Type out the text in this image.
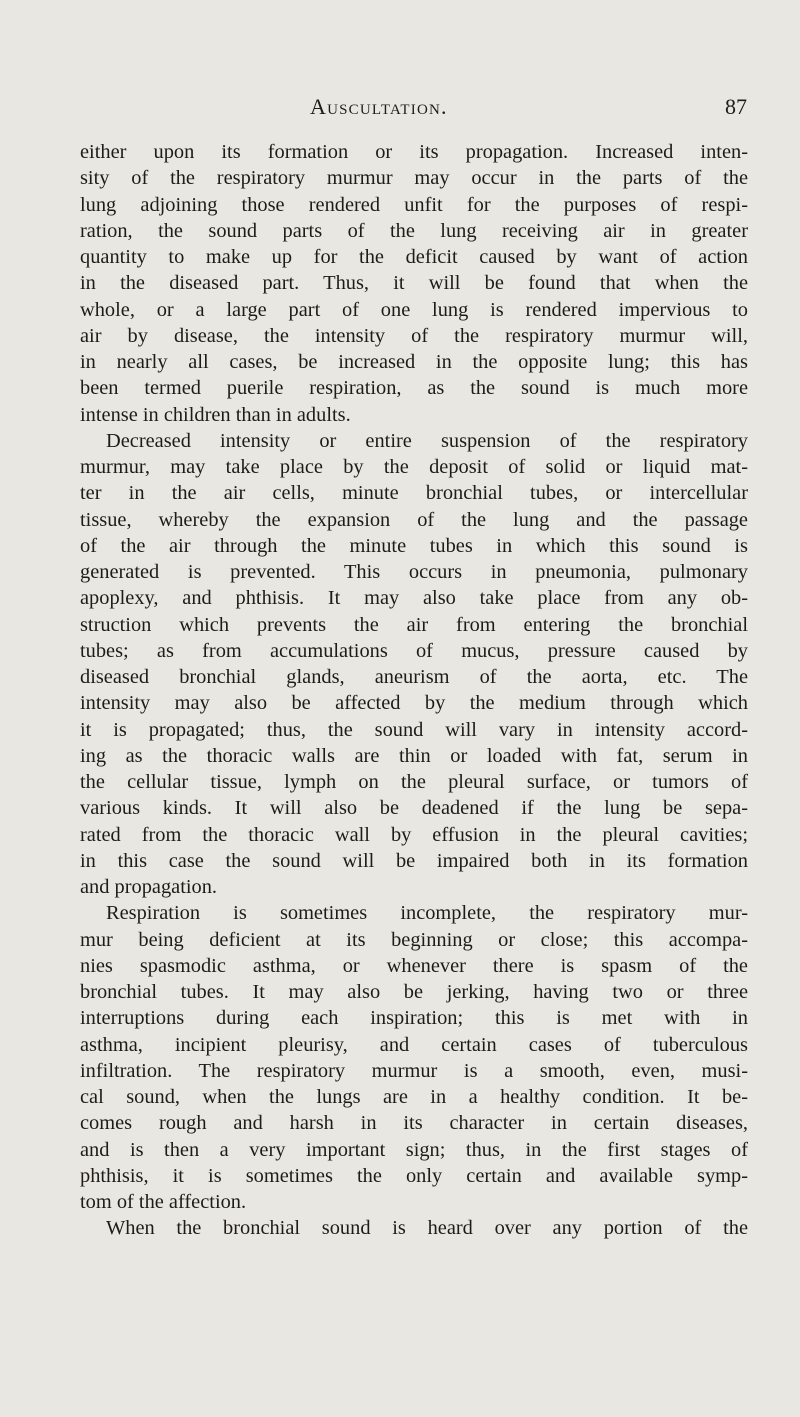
Auscultation.	87
either upon its formation or its propagation. Increased inten-
sity of the respiratory murmur may occur in the parts of the
lung adjoining those rendered unfit for the purposes of respi-
ration, the sound parts of the lung receiving air in greater
quantity to make up for the deficit caused by want of action
in the diseased part. Thus, it will be found that when the
whole, or a large part of one lung is rendered impervious to
air by disease, the intensity of the respiratory murmur will,
in nearly all cases, be increased in the opposite lung; this has
been termed puerile respiration, as the sound is much more
intense in children than in adults.
Decreased intensity or entire suspension of the respiratory
murmur, may take place by the deposit of solid or liquid mat-
ter in the air cells, minute bronchial tubes, or intercellular
tissue, whereby the expansion of the lung and the passage
of the air through the minute tubes in which this sound is
generated is prevented. This occurs in pneumonia, pulmonary
apoplexy, and phthisis. It may also take place from any ob-
struction which prevents the air from entering the bronchial
tubes; as from accumulations of mucus, pressure caused by
diseased bronchial glands, aneurism of the aorta, etc. The
intensity may also be affected by the medium through which
it is propagated; thus, the sound will vary in intensity accord-
ing as the thoracic walls are thin or loaded with fat, serum in
the cellular tissue, lymph on the pleural surface, or tumors of
various kinds. It will also be deadened if the lung be sepa-
rated from the thoracic wall by effusion in the pleural cavities;
in this case the sound will be impaired both in its formation
and propagation.
Respiration is sometimes incomplete, the respiratory mur-
mur being deficient at its beginning or close; this accompa-
nies spasmodic asthma, or whenever there is spasm of the
bronchial tubes. It may also be jerking, having two or three
interruptions during each inspiration; this is met with in
asthma, incipient pleurisy, and certain cases of tuberculous
infiltration. The respiratory murmur is a smooth, even, musi-
cal sound, when the lungs are in a healthy condition. It be-
comes rough and harsh in its character in certain diseases,
and is then a very important sign; thus, in the first stages of
phthisis, it is sometimes the only certain and available symp-
tom of the affection.
When the bronchial sound is heard over any portion of the
